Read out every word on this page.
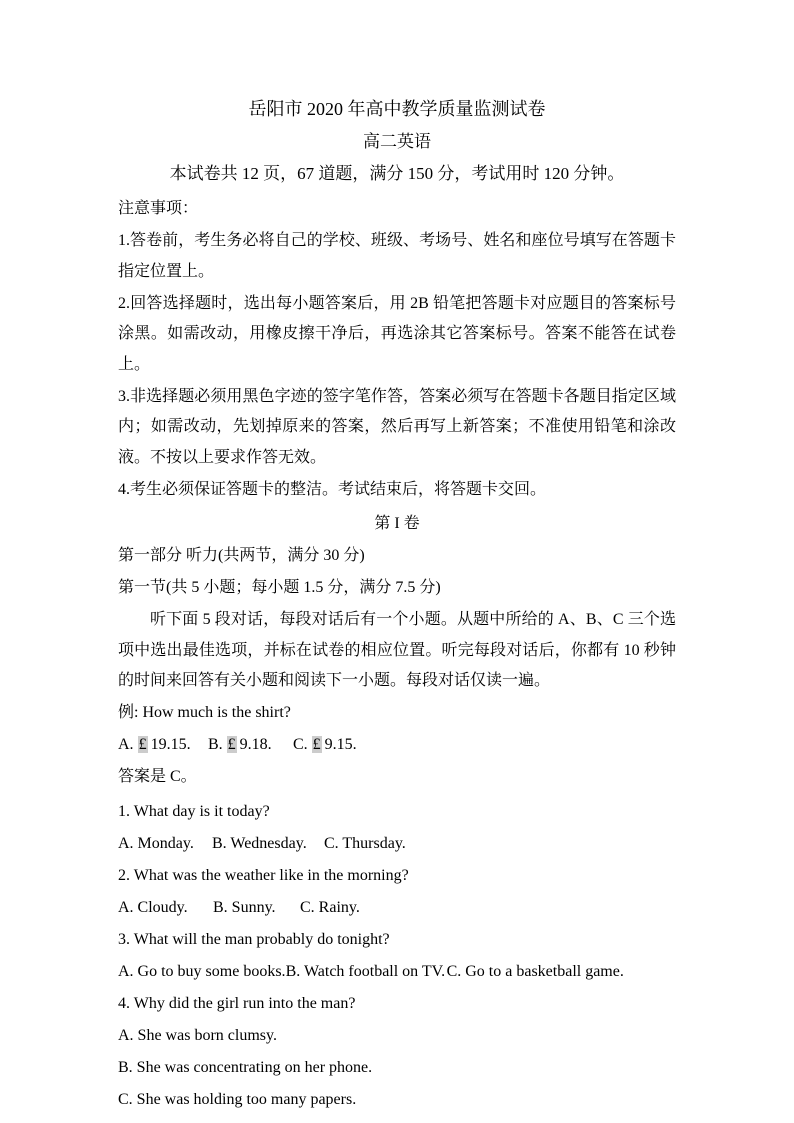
岳阳市 2020 年高中教学质量监测试卷

高二英语

本试卷共 12 页，67 道题，满分 150 分，考试用时 120 分钟。

注意事项：

1.答卷前，考生务必将自己的学校、班级、考场号、姓名和座位号填写在答题卡指定位置上。

2.回答选择题时，选出每小题答案后，用 2B 铅笔把答题卡对应题目的答案标号涂黑。如需改动，用橡皮擦干净后，再选涂其它答案标号。答案不能答在试卷上。

3.非选择题必须用黑色字迹的签字笔作答，答案必须写在答题卡各题目指定区域内；如需改动，先划掉原来的答案，然后再写上新答案；不准使用铅笔和涂改液。不按以上要求作答无效。

4.考生必须保证答题卡的整洁。考试结束后，将答题卡交回。

第 I 卷

第一部分 听力(共两节，满分 30 分)

第一节(共 5 小题；每小题 1.5 分，满分 7.5 分)

听下面 5 段对话，每段对话后有一个小题。从题中所给的 A、B、C 三个选项中选出最佳选项，并标在试卷的相应位置。听完每段对话后，你都有 10 秒钟的时间来回答有关小题和阅读下一小题。每段对话仅读一遍。

例: How much is the shirt?

A. £ 19.15.	B. £ 9.18.	C. £ 9.15.

答案是 C。

1. What day is it today?

A. Monday.	B. Wednesday.	C. Thursday.

2. What was the weather like in the morning?

A. Cloudy.	B. Sunny.	C. Rainy.

3. What will the man probably do tonight?

A. Go to buy some books. B. Watch football on TV. C. Go to a basketball game.

4. Why did the girl run into the man?

A. She was born clumsy.

B. She was concentrating on her phone.

C. She was holding too many papers.
